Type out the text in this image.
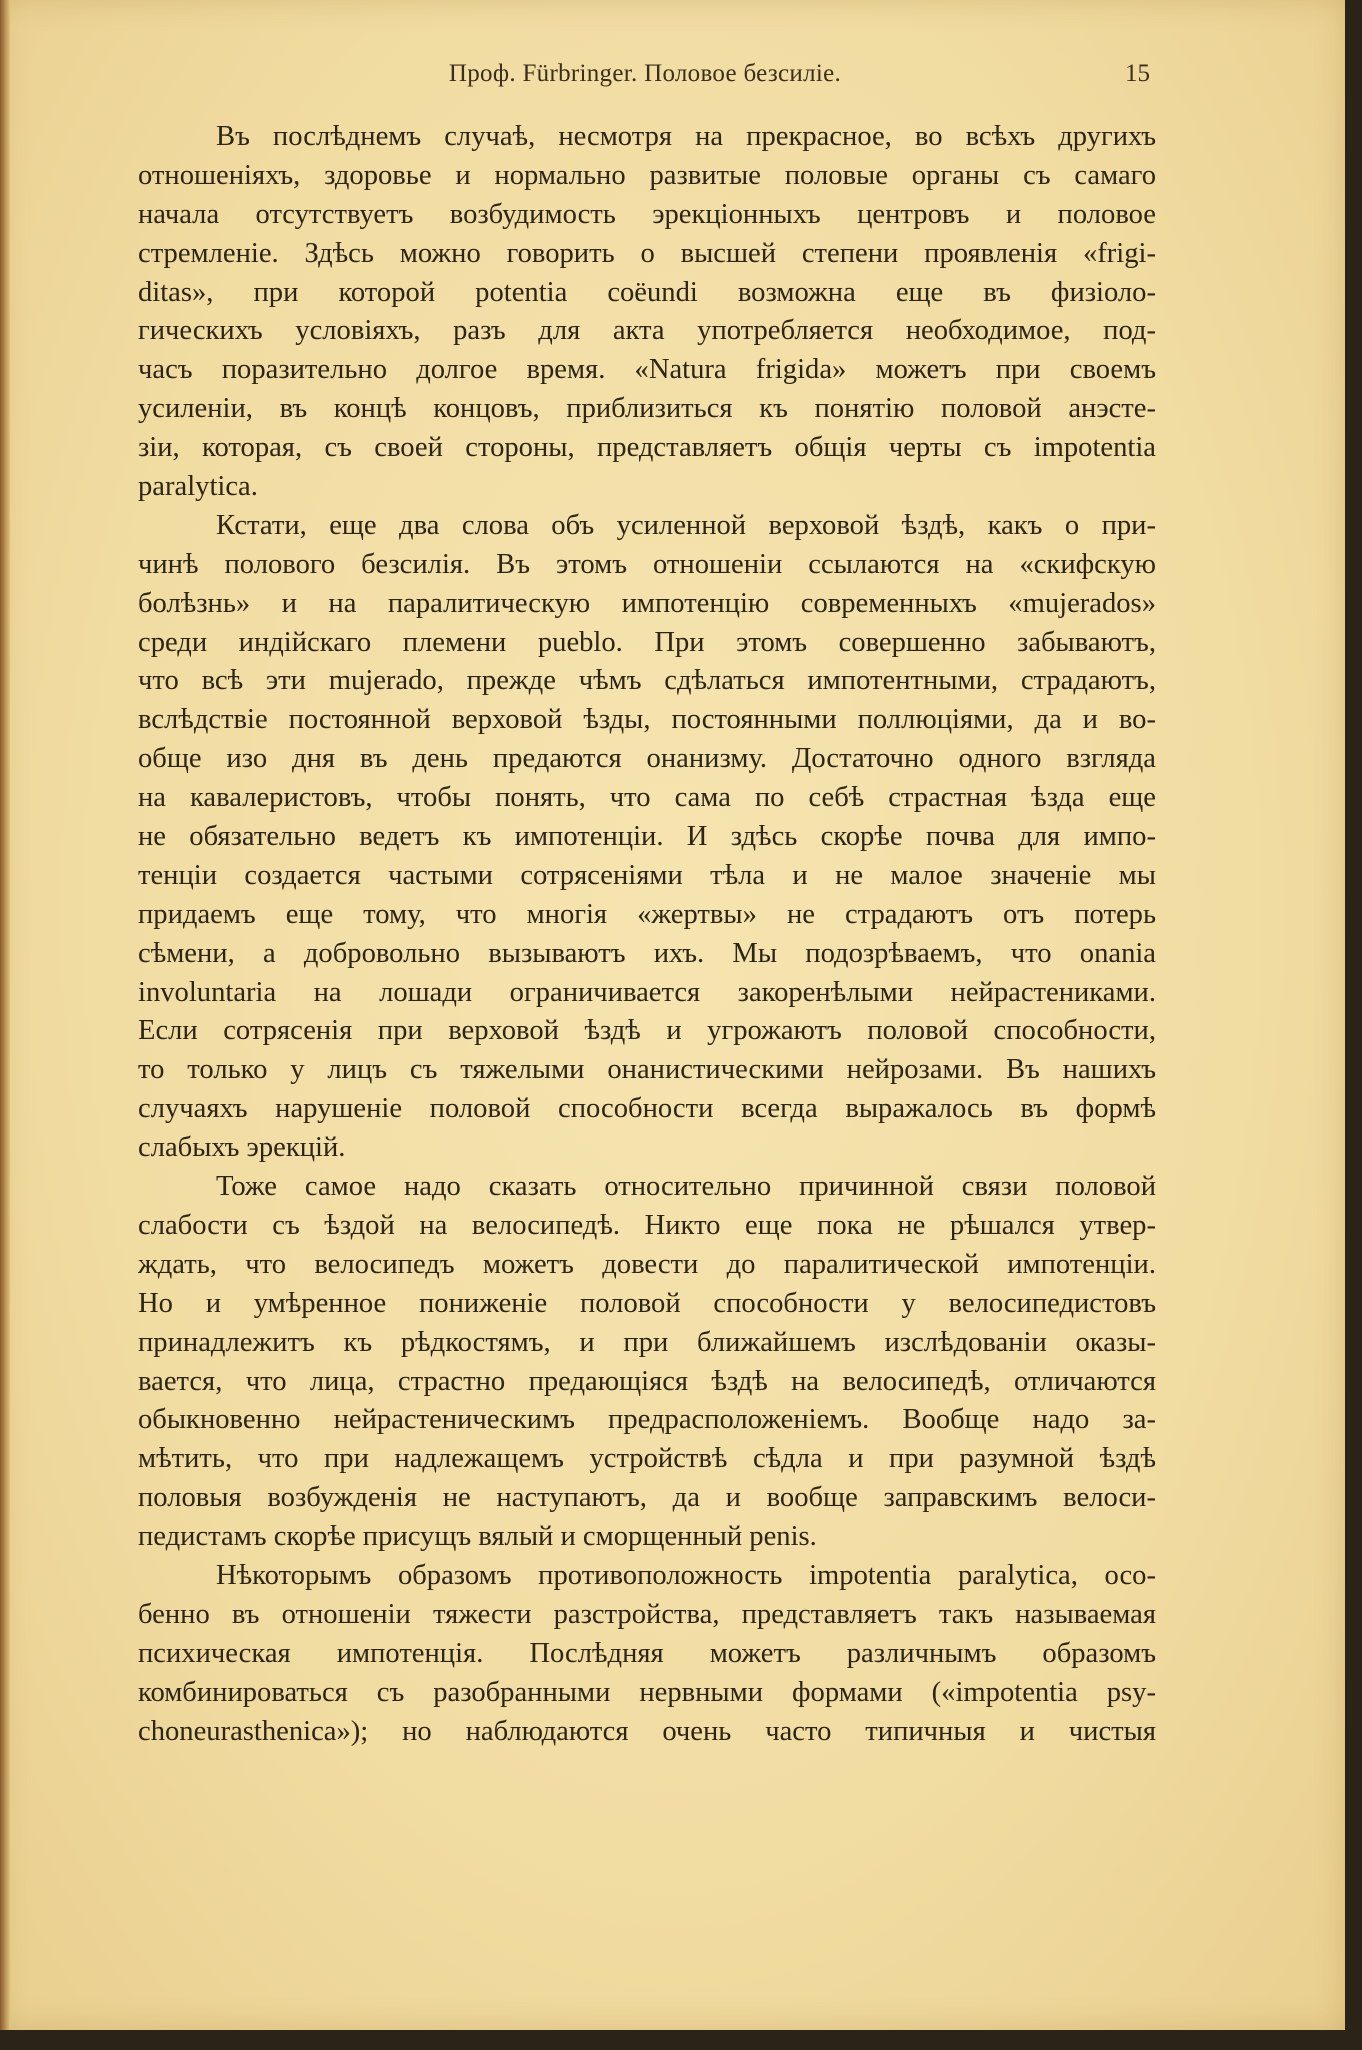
Проф. Fürbringer. Половое безсиліе.	15
Въ послѣднемъ случаѣ, несмотря на прекрасное, во всѣхъ другихъ
отношеніяхъ, здоровье и нормально развитые половые органы съ самаго
начала отсутствуетъ возбудимость эрекціонныхъ центровъ и половое
стремленіе. Здѣсь можно говорить о высшей степени проявленія «frigi-
ditas», при которой potentia coëundi возможна еще въ физіоло-
гическихъ условіяхъ, разъ для акта употребляется необходимое, под-
часъ поразительно долгое время. «Natura frigida» можетъ при своемъ
усиленіи, въ концѣ концовъ, приблизиться къ понятію половой анэсте-
зіи, которая, съ своей стороны, представляетъ общія черты съ impotentia
paralytica.
Кстати, еще два слова объ усиленной верховой ѣздѣ, какъ о при-
чинѣ полового безсилія. Въ этомъ отношеніи ссылаются на «скифскую
болѣзнь» и на паралитическую импотенцію современныхъ «mujerados»
среди индійскаго племени pueblo. При этомъ совершенно забываютъ,
что всѣ эти mujerado, прежде чѣмъ сдѣлаться импотентными, страдаютъ,
вслѣдствіе постоянной верховой ѣзды, постоянными поллюціями, да и во-
обще изо дня въ день предаются онанизму. Достаточно одного взгляда
на кавалеристовъ, чтобы понять, что сама по себѣ страстная ѣзда еще
не обязательно ведетъ къ импотенціи. И здѣсь скорѣе почва для импо-
тенціи создается частыми сотрясеніями тѣла и не малое значеніе мы
придаемъ еще тому, что многія «жертвы» не страдаютъ отъ потерь
сѣмени, а добровольно вызываютъ ихъ. Мы подозрѣваемъ, что onania
involuntaria на лошади ограничивается закоренѣлыми нейрастениками.
Если сотрясенія при верховой ѣздѣ и угрожаютъ половой способности,
то только у лицъ съ тяжелыми онанистическими нейрозами. Въ нашихъ
случаяхъ нарушеніе половой способности всегда выражалось въ формѣ
слабыхъ эрекцій.
Тоже самое надо сказать относительно причинной связи половой
слабости съ ѣздой на велосипедѣ. Никто еще пока не рѣшался утвер-
ждать, что велосипедъ можетъ довести до паралитической импотенціи.
Но и умѣренное пониженіе половой способности у велосипедистовъ
принадлежитъ къ рѣдкостямъ, и при ближайшемъ изслѣдованіи оказы-
вается, что лица, страстно предающіяся ѣздѣ на велосипедѣ, отличаются
обыкновенно нейрастеническимъ предрасположеніемъ. Вообще надо за-
мѣтить, что при надлежащемъ устройствѣ сѣдла и при разумной ѣздѣ
половыя возбужденія не наступаютъ, да и вообще заправскимъ велоси-
педистамъ скорѣе присущъ вялый и сморщенный penis.
Нѣкоторымъ образомъ противоположность impotentia paralytica, осо-
бенно въ отношеніи тяжести разстройства, представляетъ такъ называемая
психическая импотенція. Послѣдняя можетъ различнымъ образомъ
комбинироваться съ разобранными нервными формами («impotentia psy-
choneurasthenica»); но наблюдаются очень часто типичныя и чистыя
